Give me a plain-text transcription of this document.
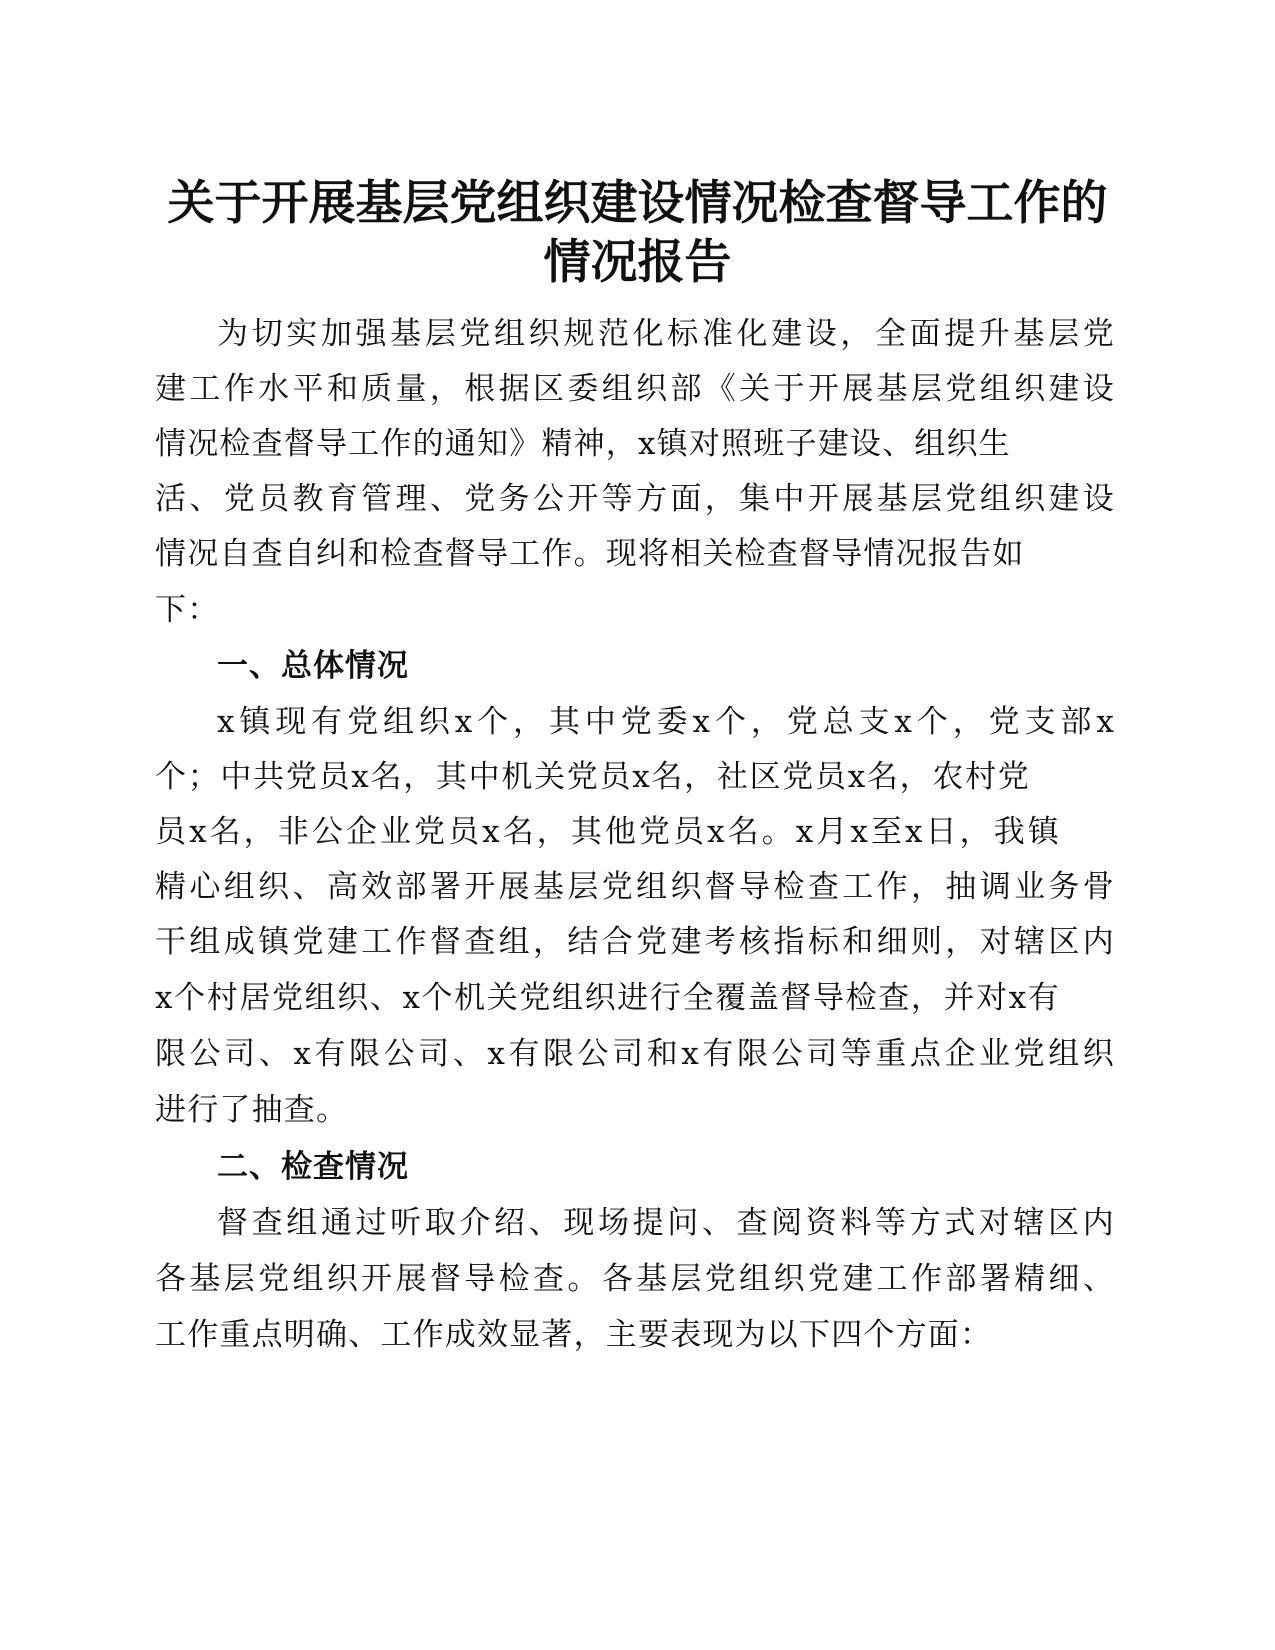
关于开展基层党组织建设情况检查督导工作的
情况报告
为切实加强基层党组织规范化标准化建设，全面提升基层党
建工作水平和质量，根据区委组织部《关于开展基层党组织建设
情况检查督导工作的通知》精神，x镇对照班子建设、组织生
活、党员教育管理、党务公开等方面，集中开展基层党组织建设
情况自查自纠和检查督导工作。现将相关检查督导情况报告如
下：
一、总体情况
x镇现有党组织x个，其中党委x个，党总支x个，党支部x
个；中共党员x名，其中机关党员x名，社区党员x名，农村党
员x名，非公企业党员x名，其他党员x名。x月x至x日，我镇
精心组织、高效部署开展基层党组织督导检查工作，抽调业务骨
干组成镇党建工作督查组，结合党建考核指标和细则，对辖区内
x个村居党组织、x个机关党组织进行全覆盖督导检查，并对x有
限公司、x有限公司、x有限公司和x有限公司等重点企业党组织
进行了抽查。
二、检查情况
督查组通过听取介绍、现场提问、查阅资料等方式对辖区内
各基层党组织开展督导检查。各基层党组织党建工作部署精细、
工作重点明确、工作成效显著，主要表现为以下四个方面：
